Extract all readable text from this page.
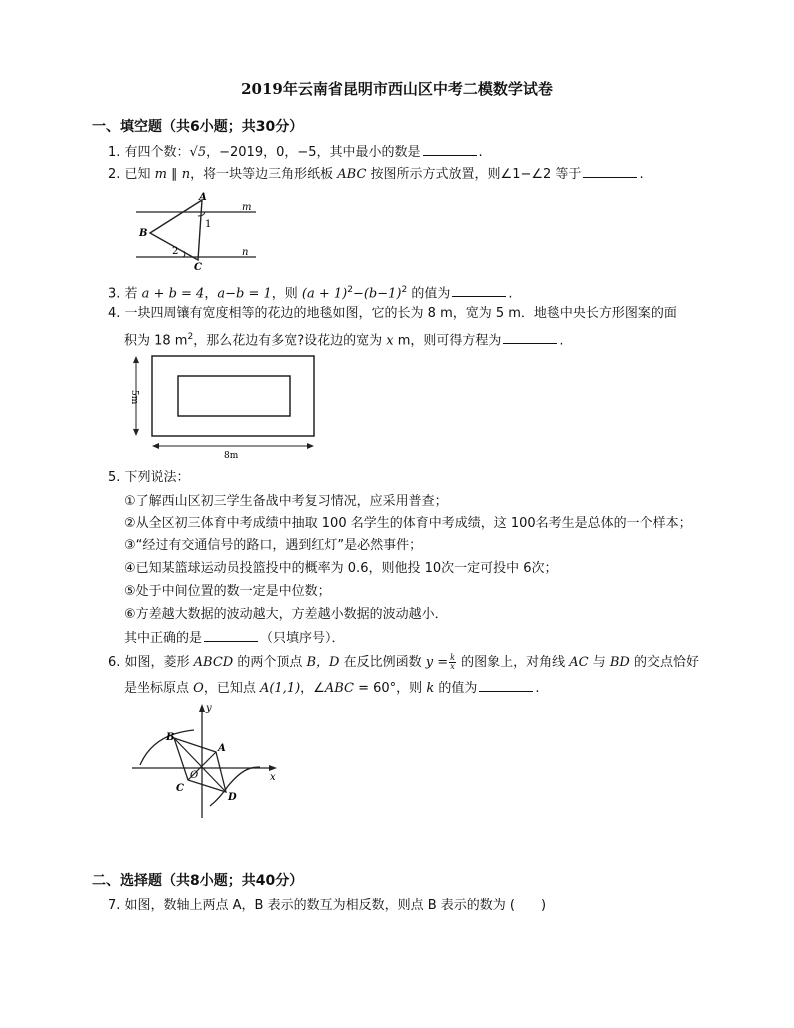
2019年云南省昆明市西山区中考二模数学试卷
一、填空题（共6小题；共30分）
1. 有四个数：√5，−2019，0，−5，其中最小的数是	.
2. 已知 m ∥ n，将一块等边三角形纸板 ABC 按图所示方式放置，则∠1−∠2 等于	.
A
B
C
m
n
1
2
3. 若 a + b = 4，a−b = 1，则 $(a + 1)^2-(b-1)^2$ 的值为	.
4. 一块四周镶有宽度相等的花边的地毯如图，它的长为 8 m，宽为 5 m．地毯中央长方形图案的面
积为 18 $m^2$，那么花边有多宽?设花边的宽为 x m，则可得方程为	.
5m
8m
5. 下列说法：
①了解西山区初三学生备战中考复习情况，应采用普查；
②从全区初三体育中考成绩中抽取 100 名学生的体育中考成绩，这 100名考生是总体的一个样本；
③“经过有交通信号的路口，遇到红灯”是必然事件；
④已知某篮球运动员投篮投中的概率为 0.6，则他投 10次一定可投中 6次；
⑤处于中间位置的数一定是中位数；
⑥方差越大数据的波动越大，方差越小数据的波动越小．
其中正确的是	（只填序号）．
6. 如图，菱形 ABCD 的两个顶点 B，D 在反比例函数 $y = \frac{k}{x}$ 的图象上，对角线 AC 与 BD 的交点恰好
是坐标原点 O，已知点 A(1,1)，∠ABC = 60°，则 k 的值为	.
A
B
C
D
O
y
x
二、选择题（共8小题；共40分）
7. 如图，数轴上两点 A，B 表示的数互为相反数，则点 B 表示的数为 (　　)
